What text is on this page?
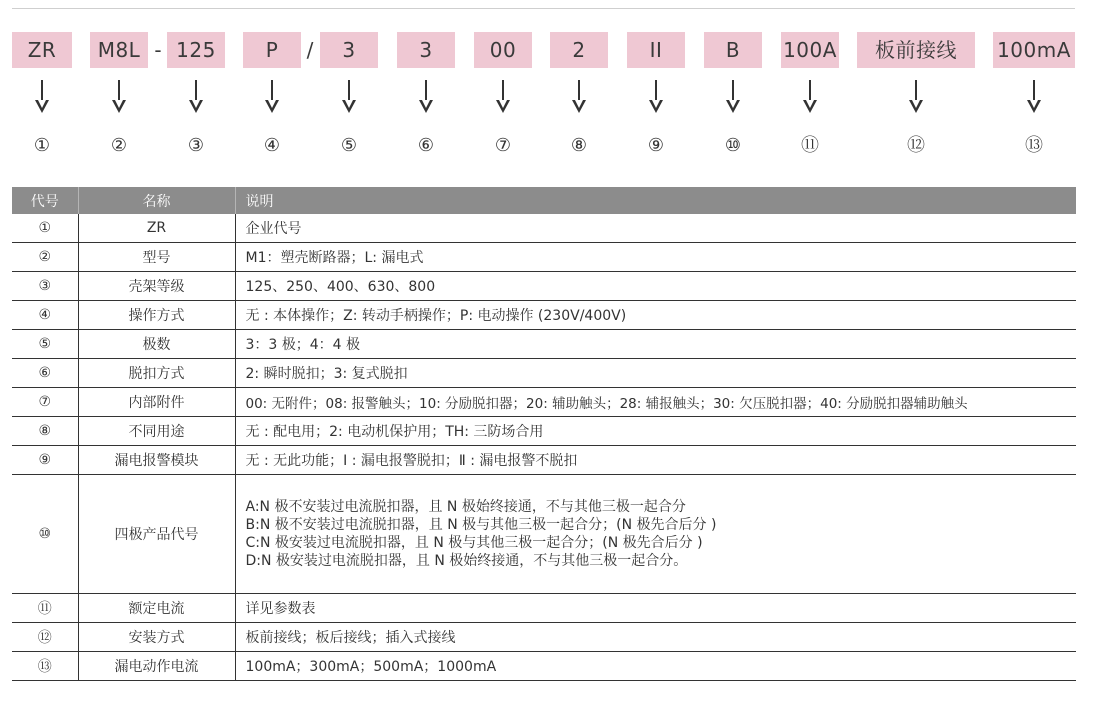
ZR	M8L - 125	P	/	3	3	00	2	II	B	100A	板前接线	100mA
①	②	③	④	⑤	⑥	⑦	⑧	⑨	⑩	⑪	⑫	⑬
代号	名称	说明
①	ZR	企业代号
②	型号	M1：塑壳断路器；L: 漏电式
③	壳架等级	125、250、400、630、800
④	操作方式	无 : 本体操作；Z: 转动手柄操作；P: 电动操作 (230V/400V)
⑤	极数	3：3 极；4：4 极
⑥	脱扣方式	2: 瞬时脱扣；3: 复式脱扣
⑦	内部附件	00: 无附件；08: 报警触头；10: 分励脱扣器；20: 辅助触头；28: 辅报触头；30: 欠压脱扣器；40: 分励脱扣器辅助触头
⑧	不同用途	无 : 配电用；2: 电动机保护用；TH: 三防场合用
⑨	漏电报警模块	无 : 无此功能；Ⅰ : 漏电报警脱扣；Ⅱ : 漏电报警不脱扣
⑩	四极产品代号	A:N 极不安装过电流脱扣器，且 N 极始终接通，不与其他三极一起合分
B:N 极不安装过电流脱扣器，且 N 极与其他三极一起合分；(N 极先合后分 )
C:N 极安装过电流脱扣器，且 N 极与其他三极一起合分；(N 极先合后分 )
D:N 极安装过电流脱扣器，且 N 极始终接通，不与其他三极一起合分。

⑪	额定电流	详见参数表
⑫	安装方式	板前接线；板后接线；插入式接线
⑬	漏电动作电流	100mA；300mA；500mA；1000mA
